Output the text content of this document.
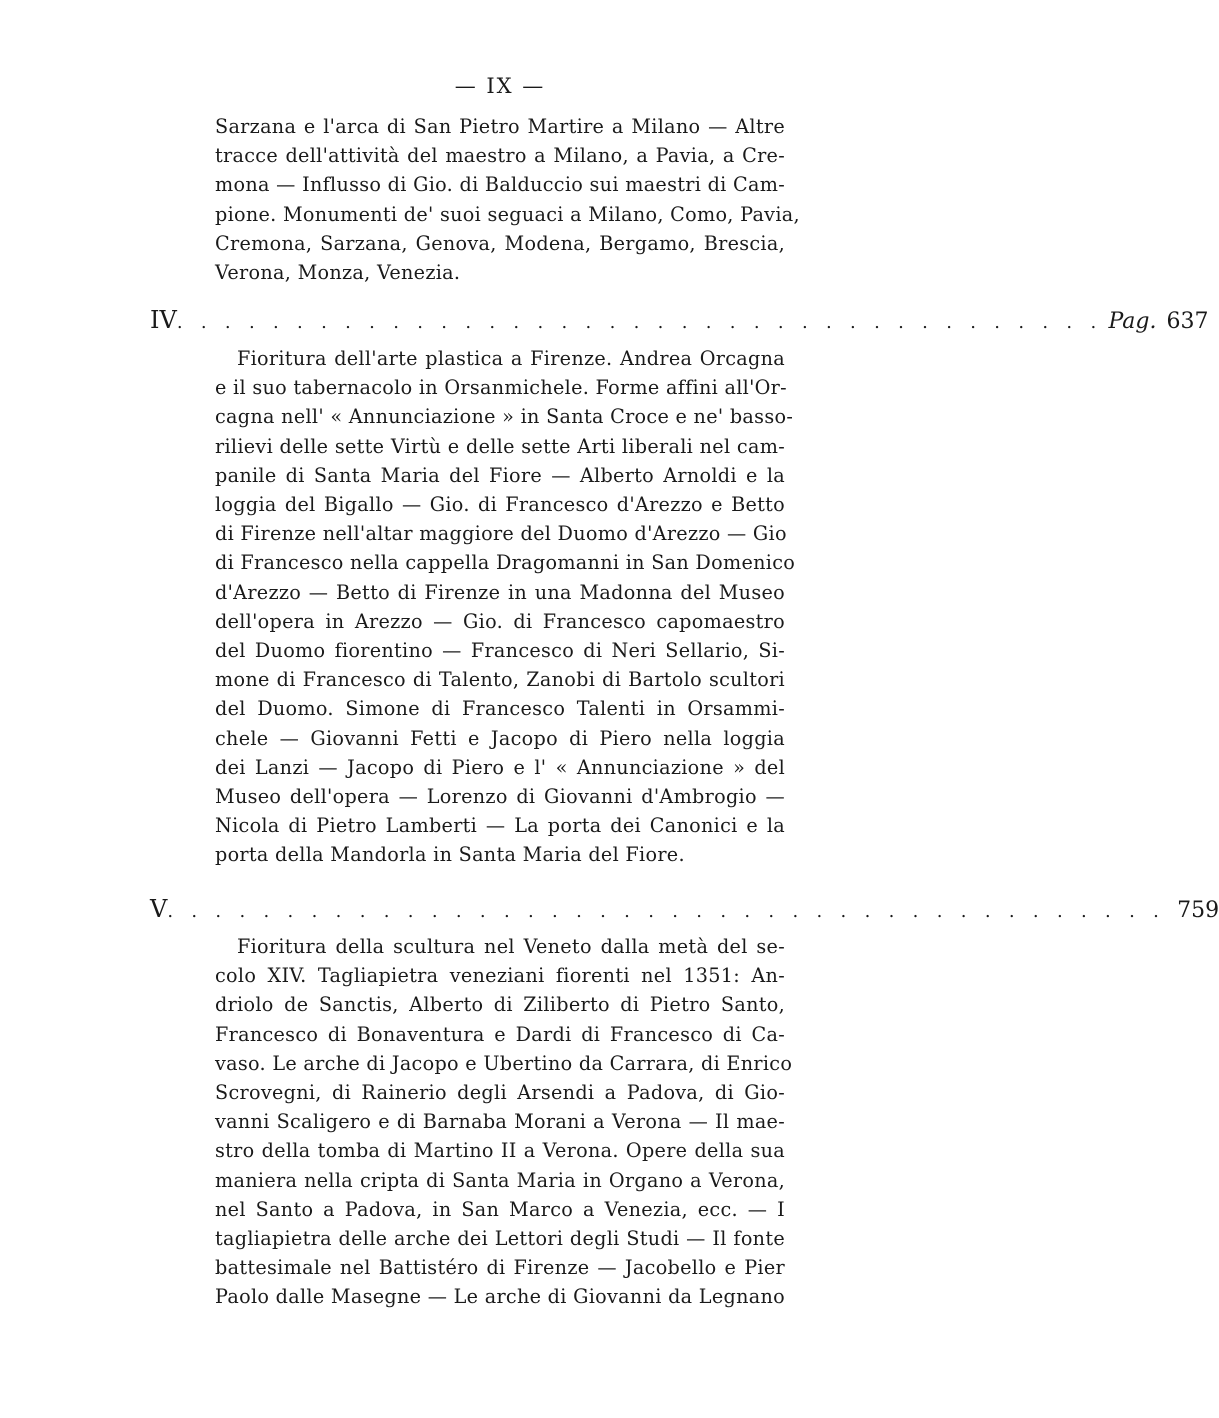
— IX —
Sarzana e l'arca di San Pietro Martire a Milano — Altre
tracce dell'attività del maestro a Milano, a Pavia, a Cre-
mona — Influsso di Gio. di Balduccio sui maestri di Cam-
pione. Monumenti de' suoi seguaci a Milano, Como, Pavia,
Cremona, Sarzana, Genova, Modena, Bergamo, Brescia,
Verona, Monza, Venezia.
IV . . . . . . . . . . . . . . . . . . . . . . . . . . . . . . . . . . . . . . . Pag. 637
Fioritura dell'arte plastica a Firenze. Andrea Orcagna
e il suo tabernacolo in Orsanmichele. Forme affini all'Or-
cagna nell' « Annunciazione » in Santa Croce e ne' basso-
rilievi delle sette Virtù e delle sette Arti liberali nel cam-
panile di Santa Maria del Fiore — Alberto Arnoldi e la
loggia del Bigallo — Gio. di Francesco d'Arezzo e Betto
di Firenze nell'altar maggiore del Duomo d'Arezzo — Gio
di Francesco nella cappella Dragomanni in San Domenico
d'Arezzo — Betto di Firenze in una Madonna del Museo
dell'opera in Arezzo — Gio. di Francesco capomaestro
del Duomo fiorentino — Francesco di Neri Sellario, Si-
mone di Francesco di Talento, Zanobi di Bartolo scultori
del Duomo. Simone di Francesco Talenti in Orsammi-
chele — Giovanni Fetti e Jacopo di Piero nella loggia
dei Lanzi — Jacopo di Piero e l' « Annunciazione » del
Museo dell'opera — Lorenzo di Giovanni d'Ambrogio —
Nicola di Pietro Lamberti — La porta dei Canonici e la
porta della Mandorla in Santa Maria del Fiore.
V . . . . . . . . . . . . . . . . . . . . . . . . . . . . . . . . . . . . . . . . . . 759
Fioritura della scultura nel Veneto dalla metà del se-
colo XIV. Tagliapietra veneziani fiorenti nel 1351: An-
driolo de Sanctis, Alberto di Ziliberto di Pietro Santo,
Francesco di Bonaventura e Dardi di Francesco di Ca-
vaso. Le arche di Jacopo e Ubertino da Carrara, di Enrico
Scrovegni, di Rainerio degli Arsendi a Padova, di Gio-
vanni Scaligero e di Barnaba Morani a Verona — Il mae-
stro della tomba di Martino II a Verona. Opere della sua
maniera nella cripta di Santa Maria in Organo a Verona,
nel Santo a Padova, in San Marco a Venezia, ecc. — I
tagliapietra delle arche dei Lettori degli Studi — Il fonte
battesimale nel Battistéro di Firenze — Jacobello e Pier
Paolo dalle Masegne — Le arche di Giovanni da Legnano
